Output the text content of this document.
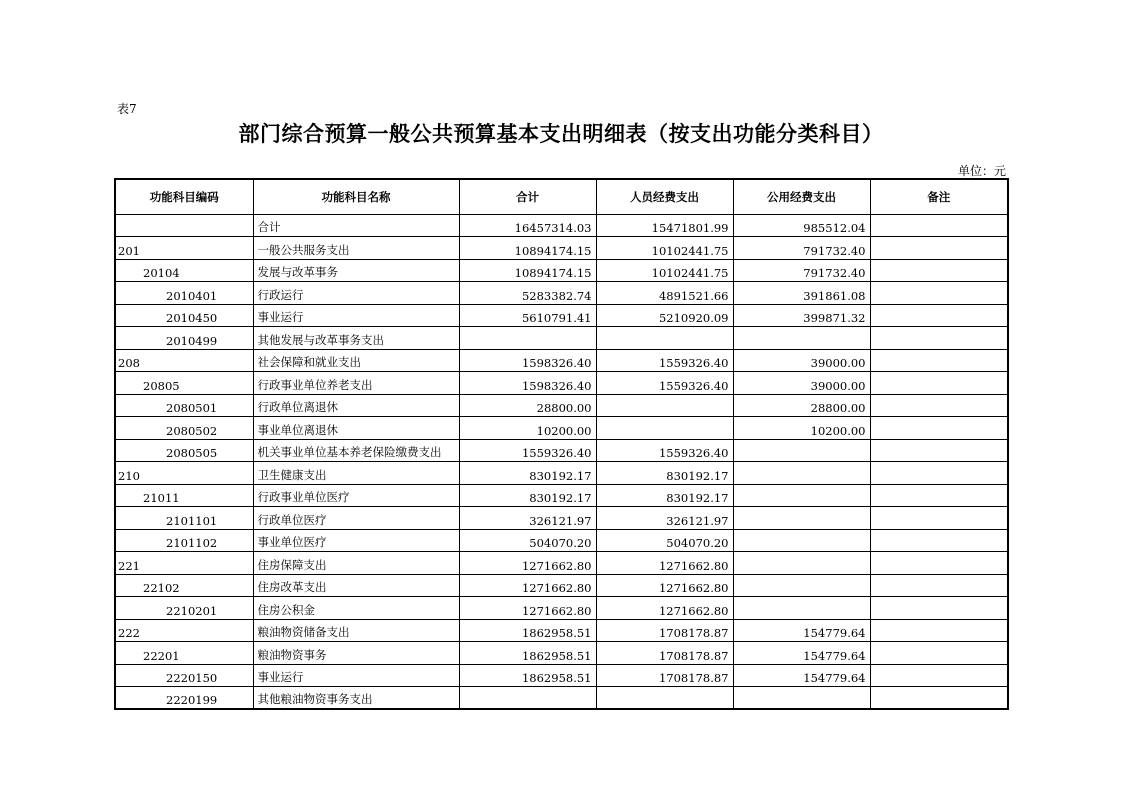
表7
部门综合预算一般公共预算基本支出明细表（按支出功能分类科目）
单位：元
功能科目编码	功能科目名称	合计	人员经费支出	公用经费支出	备注
	合计	16457314.03	15471801.99	985512.04	
201	一般公共服务支出	10894174.15	10102441.75	791732.40	
20104	发展与改革事务	10894174.15	10102441.75	791732.40	
2010401	行政运行	5283382.74	4891521.66	391861.08	
2010450	事业运行	5610791.41	5210920.09	399871.32	
2010499	其他发展与改革事务支出				
208	社会保障和就业支出	1598326.40	1559326.40	39000.00	
20805	行政事业单位养老支出	1598326.40	1559326.40	39000.00	
2080501	行政单位离退休	28800.00		28800.00	
2080502	事业单位离退休	10200.00		10200.00	
2080505	机关事业单位基本养老保险缴费支出	1559326.40	1559326.40		
210	卫生健康支出	830192.17	830192.17		
21011	行政事业单位医疗	830192.17	830192.17		
2101101	行政单位医疗	326121.97	326121.97		
2101102	事业单位医疗	504070.20	504070.20		
221	住房保障支出	1271662.80	1271662.80		
22102	住房改革支出	1271662.80	1271662.80		
2210201	住房公积金	1271662.80	1271662.80		
222	粮油物资储备支出	1862958.51	1708178.87	154779.64	
22201	粮油物资事务	1862958.51	1708178.87	154779.64	
2220150	事业运行	1862958.51	1708178.87	154779.64	
2220199	其他粮油物资事务支出				
